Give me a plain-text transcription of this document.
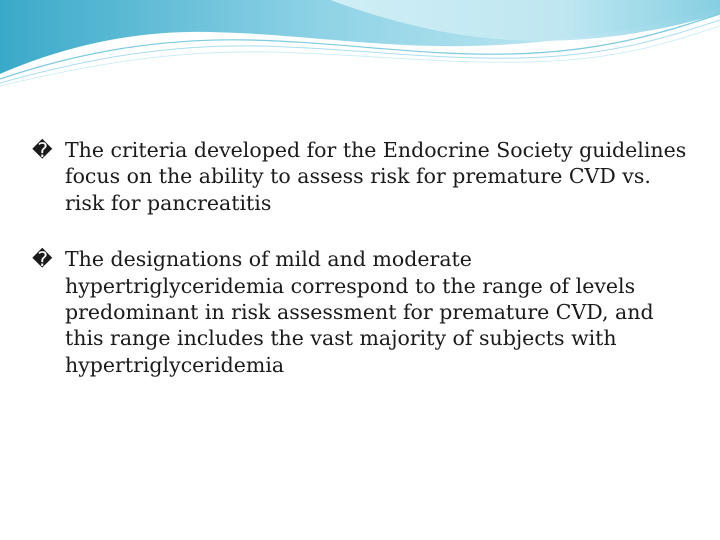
� The criteria developed for the Endocrine Society guidelines focus on the ability to assess risk for premature CVD vs. risk for pancreatitis
� The designations of mild and moderate hypertriglyceridemia correspond to the range of levels predominant in risk assessment for premature CVD, and this range includes the vast majority of subjects with hypertriglyceridemia
